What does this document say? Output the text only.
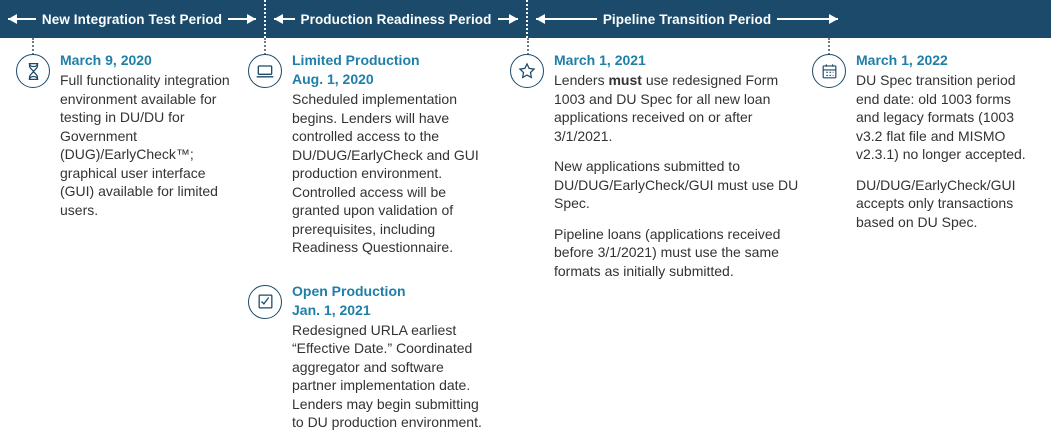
New Integration Test Period	Production Readiness Period	Pipeline Transition Period
March 9, 2020
Full functionality integration environment available for testing in DU/DU for Government (DUG)/EarlyCheck™; graphical user interface (GUI) available for limited users.
Limited Production
Aug. 1, 2020
Scheduled implementation begins. Lenders will have controlled access to the DU/DUG/EarlyCheck and GUI production environment. Controlled access will be granted upon validation of prerequisites, including Readiness Questionnaire.
Open Production
Jan. 1, 2021
Redesigned URLA earliest “Effective Date.” Coordinated aggregator and software partner implementation date. Lenders may begin submitting to DU production environment.
March 1, 2021
Lenders must use redesigned Form 1003 and DU Spec for all new loan applications received on or after 3/1/2021.
New applications submitted to DU/DUG/EarlyCheck/GUI must use DU Spec.
Pipeline loans (applications received before 3/1/2021) must use the same formats as initially submitted.
March 1, 2022
DU Spec transition period end date: old 1003 forms and legacy formats (1003 v3.2 flat file and MISMO v2.3.1) no longer accepted.
DU/DUG/EarlyCheck/GUI accepts only transactions based on DU Spec.
